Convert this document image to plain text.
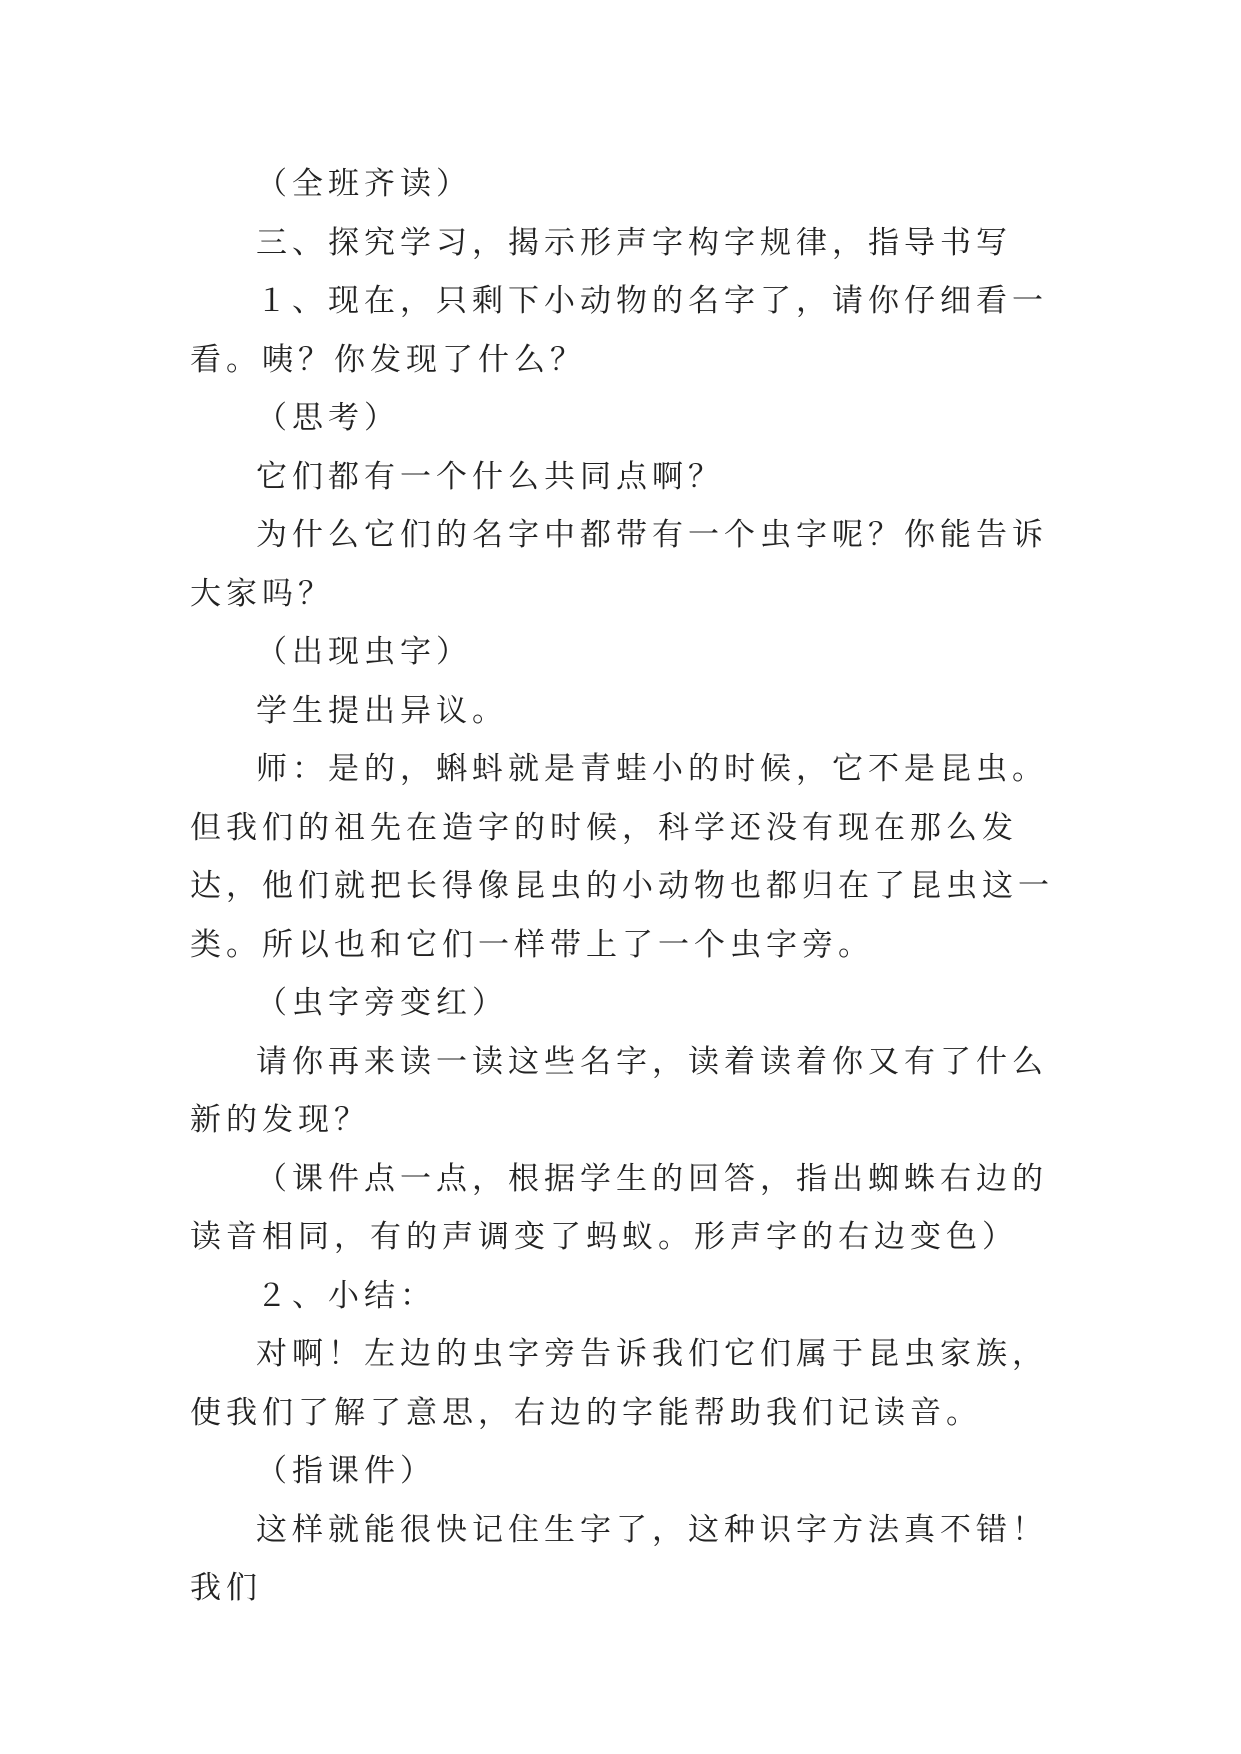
（全班齐读）

三、探究学习，揭示形声字构字规律，指导书写

１、现在，只剩下小动物的名字了，请你仔细看一看。咦？你发现了什么？

（思考）

它们都有一个什么共同点啊？

为什么它们的名字中都带有一个虫字呢？你能告诉大家吗？

（出现虫字）

学生提出异议。

师：是的，蝌蚪就是青蛙小的时候，它不是昆虫。但我们的祖先在造字的时候，科学还没有现在那么发达，他们就把长得像昆虫的小动物也都归在了昆虫这一类。所以也和它们一样带上了一个虫字旁。

（虫字旁变红）

请你再来读一读这些名字，读着读着你又有了什么新的发现？

（课件点一点，根据学生的回答，指出蜘蛛右边的读音相同，有的声调变了蚂蚁。形声字的右边变色）

２、小结：

对啊！左边的虫字旁告诉我们它们属于昆虫家族，使我们了解了意思，右边的字能帮助我们记读音。

（指课件）

这样就能很快记住生字了，这种识字方法真不错！我们
